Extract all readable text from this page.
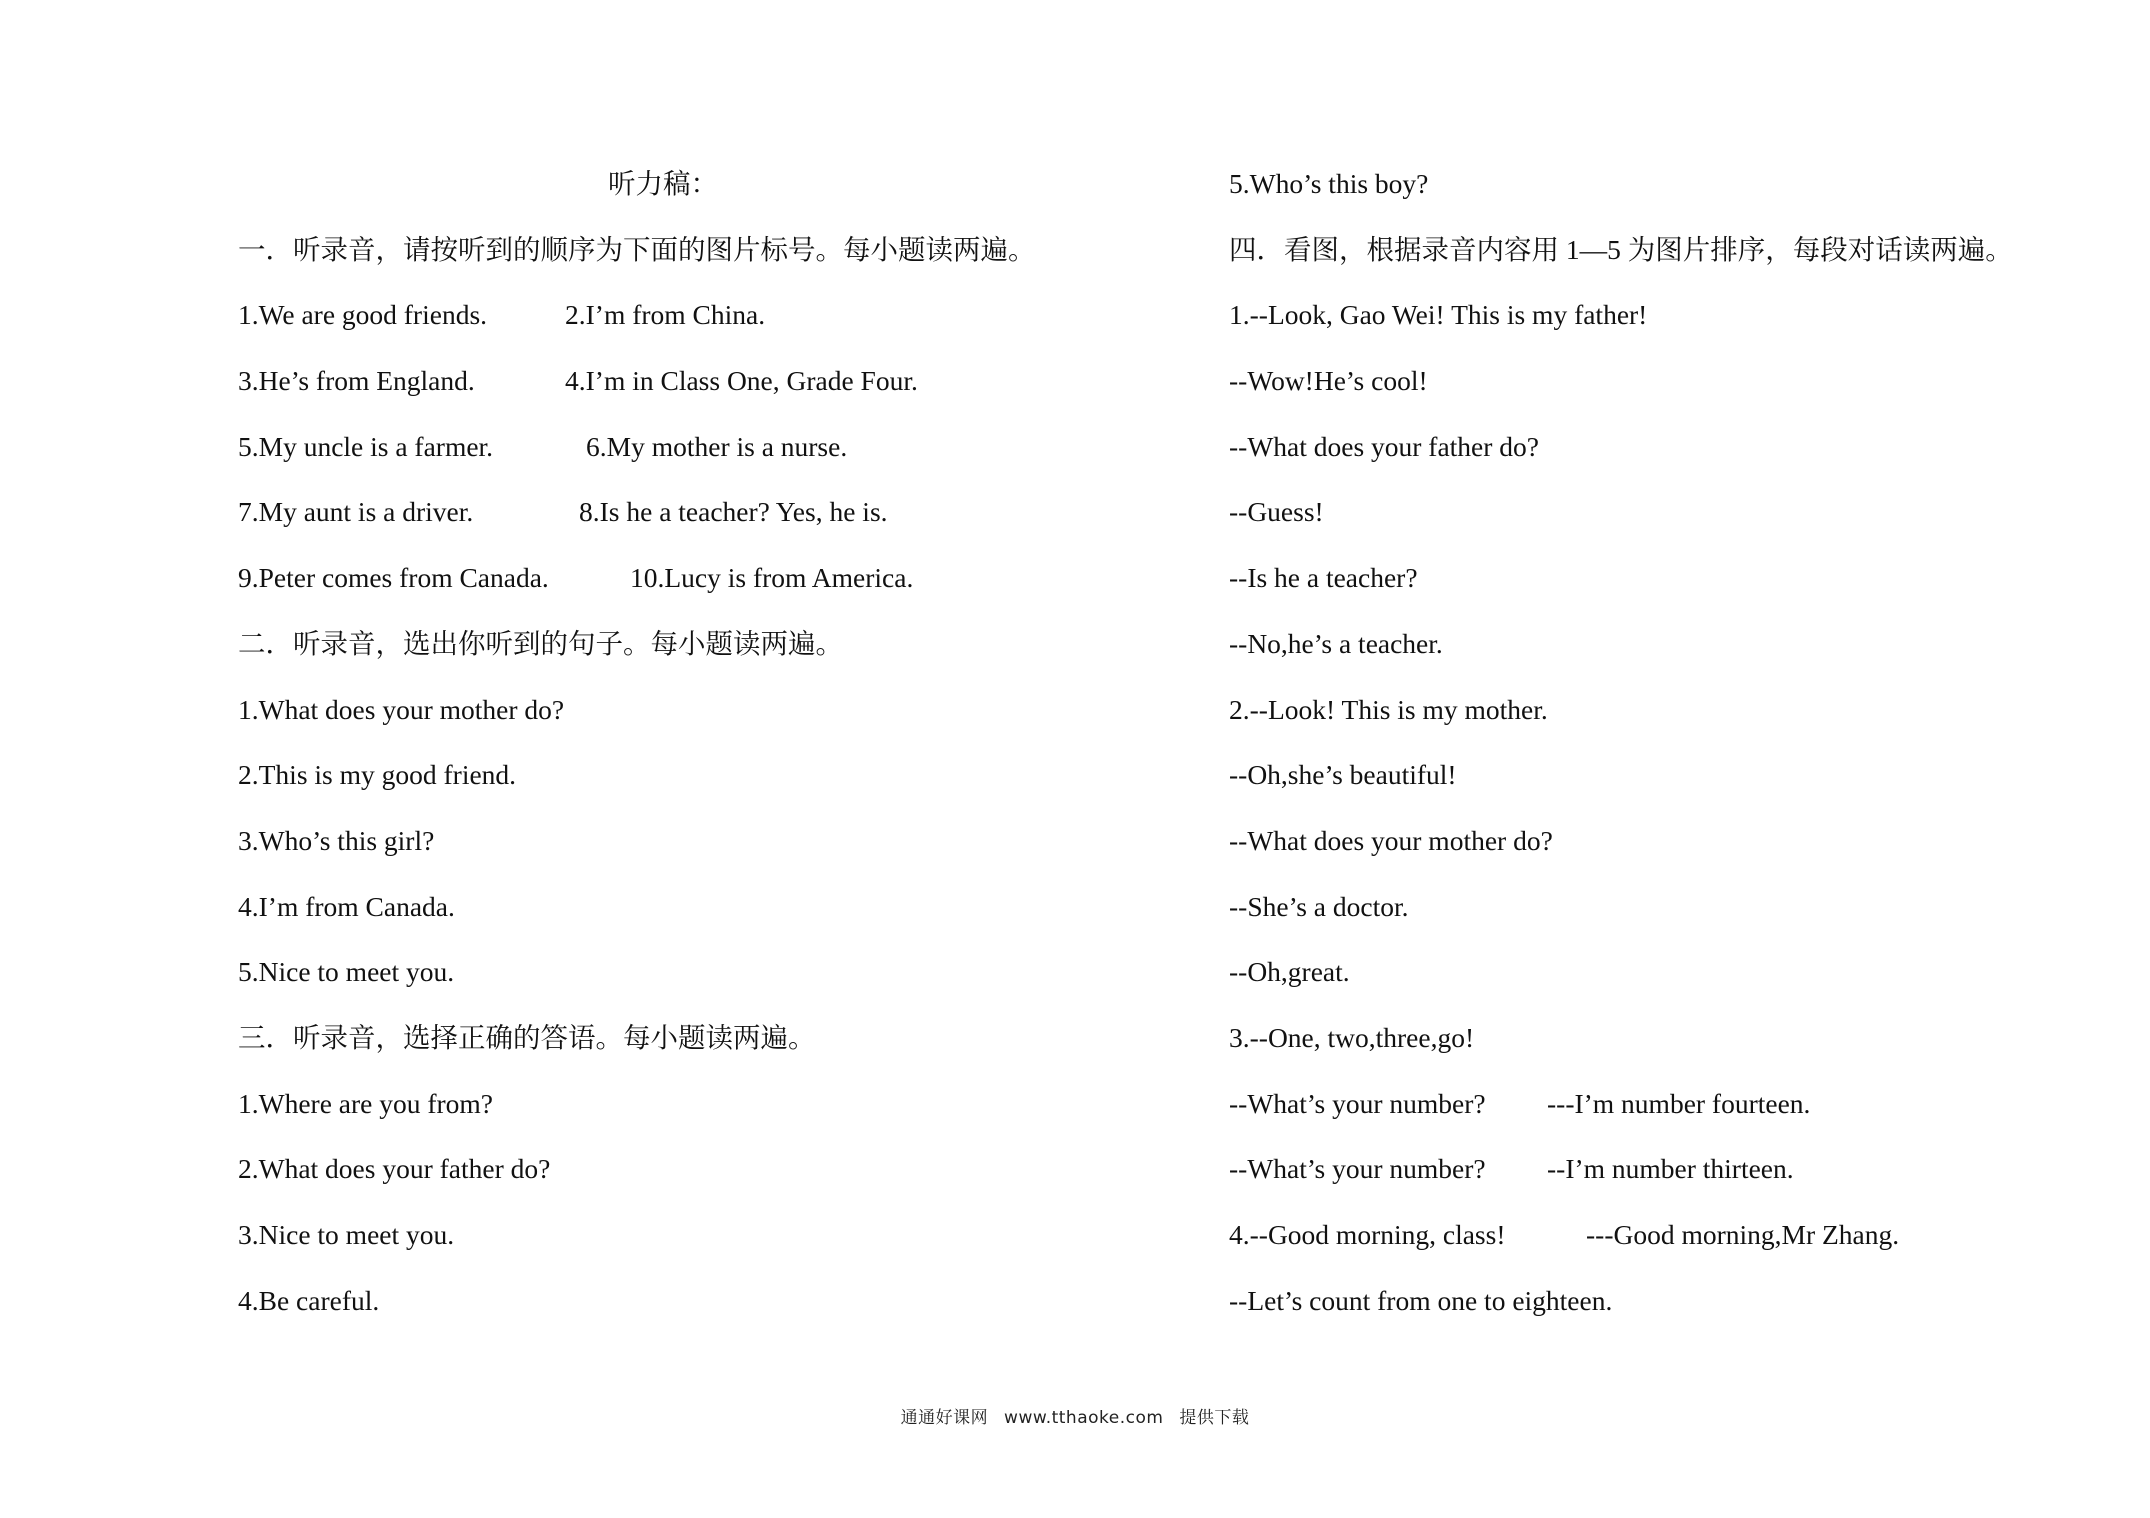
听力稿：
一．听录音，请按听到的顺序为下面的图片标号。每小题读两遍。
1.We are good friends.	2.I’m from China.
3.He’s from England.	4.I’m in Class One, Grade Four.
5.My uncle is a farmer.	6.My mother is a nurse.
7.My aunt is a driver.	8.Is he a teacher? Yes, he is.
9.Peter comes from Canada.	10.Lucy is from America.
二．听录音，选出你听到的句子。每小题读两遍。
1.What does your mother do?
2.This is my good friend.
3.Who’s this girl?
4.I’m from Canada.
5.Nice to meet you.
三．听录音，选择正确的答语。每小题读两遍。
1.Where are you from?
2.What does your father do?
3.Nice to meet you.
4.Be careful.
5.Who’s this boy?
四．看图，根据录音内容用 1—5 为图片排序，每段对话读两遍。
1.--Look, Gao Wei! This is my father!
--Wow!He’s cool!
--What does your father do?
--Guess!
--Is he a teacher?
--No,he’s a teacher.
2.--Look! This is my mother.
--Oh,she’s beautiful!
--What does your mother do?
--She’s a doctor.
--Oh,great.
3.--One, two,three,go!
--What’s your number? ---I’m number fourteen.
--What’s your number? --I’m number thirteen.
4.--Good morning, class!	---Good morning,Mr Zhang.
--Let’s count from one to eighteen.
通通好课网 www.tthaoke.com 提供下载
